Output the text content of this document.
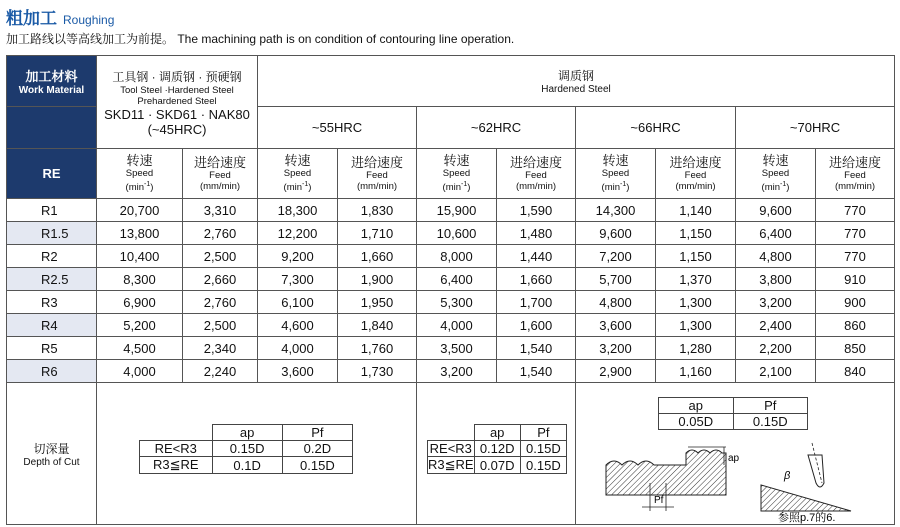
粗加工 Roughing
加工路线以等高线加工为前提。 The machining path is on condition of contouring line operation.
加工材料
Work Material

工具钢 · 调质钢 · 预硬钢
Tool Steel ·Hardened Steel
Prehardened Steel
SKD11 · SKD61 · NAK80
(~45HRC)

调质钢
Hardened Steel

	~55HRC	~62HRC	~66HRC	~70HRC
RE	
转速
Speed
$(\min^{-1})$

进给速度
Feed
(mm/min)

转速
Speed
$(\min^{-1})$

进给速度
Feed
(mm/min)

转速
Speed
$(\min^{-1})$

进给速度
Feed
(mm/min)

转速
Speed
$(\min^{-1})$

进给速度
Feed
(mm/min)

转速
Speed
$(\min^{-1})$

进给速度
Feed
(mm/min)

R1	20,700	3,310	18,300	1,830	15,900	1,590	14,300	1,140	9,600	770
R1.5	13,800	2,760	12,200	1,710	10,600	1,480	9,600	1,150	6,400	770
R2	10,400	2,500	9,200	1,660	8,000	1,440	7,200	1,150	4,800	770
R2.5	8,300	2,660	7,300	1,900	6,400	1,660	5,700	1,370	3,800	910
R3	6,900	2,760	6,100	1,950	5,300	1,700	4,800	1,300	3,200	900
R4	5,200	2,500	4,600	1,840	4,000	1,600	3,600	1,300	2,400	860
R5	4,500	2,340	4,000	1,760	3,500	1,540	3,200	1,280	2,200	850
R6	4,000	2,240	3,600	1,730	3,200	1,540	2,900	1,160	2,100	840

切深量
Depth of Cut

	ap	Pf
RE<R3	0.15D	0.2D
R3≦RE	0.1D	0.15D

	ap	Pf
RE<R3	0.12D	0.15D
R3≦RE	0.07D	0.15D

ap	Pf
0.05D	0.15D
ap
Pf
β
参照p.7的6.
